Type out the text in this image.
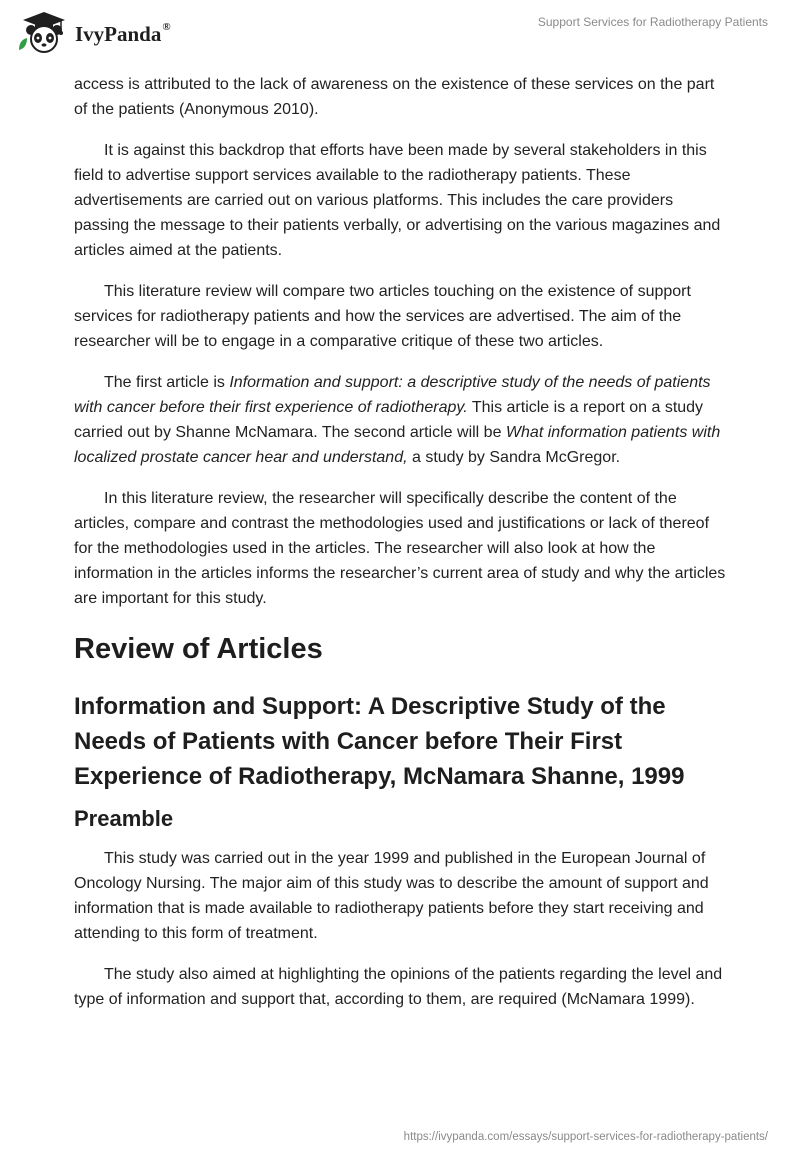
IvyPanda®	Support Services for Radiotherapy Patients

access is attributed to the lack of awareness on the existence of these services on the part of the patients (Anonymous 2010).

It is against this backdrop that efforts have been made by several stakeholders in this field to advertise support services available to the radiotherapy patients. These advertisements are carried out on various platforms. This includes the care providers passing the message to their patients verbally, or advertising on the various magazines and articles aimed at the patients.

This literature review will compare two articles touching on the existence of support services for radiotherapy patients and how the services are advertised. The aim of the researcher will be to engage in a comparative critique of these two articles.

The first article is Information and support: a descriptive study of the needs of patients with cancer before their first experience of radiotherapy. This article is a report on a study carried out by Shanne McNamara. The second article will be What information patients with localized prostate cancer hear and understand, a study by Sandra McGregor.

In this literature review, the researcher will specifically describe the content of the articles, compare and contrast the methodologies used and justifications or lack of thereof for the methodologies used in the articles. The researcher will also look at how the information in the articles informs the researcher’s current area of study and why the articles are important for this study.

Review of Articles
Information and Support: A Descriptive Study of the Needs of Patients with Cancer before Their First Experience of Radiotherapy, McNamara Shanne, 1999
Preamble

This study was carried out in the year 1999 and published in the European Journal of Oncology Nursing. The major aim of this study was to describe the amount of support and information that is made available to radiotherapy patients before they start receiving and attending to this form of treatment.

The study also aimed at highlighting the opinions of the patients regarding the level and type of information and support that, according to them, are required (McNamara 1999).

https://ivypanda.com/essays/support-services-for-radiotherapy-patients/
